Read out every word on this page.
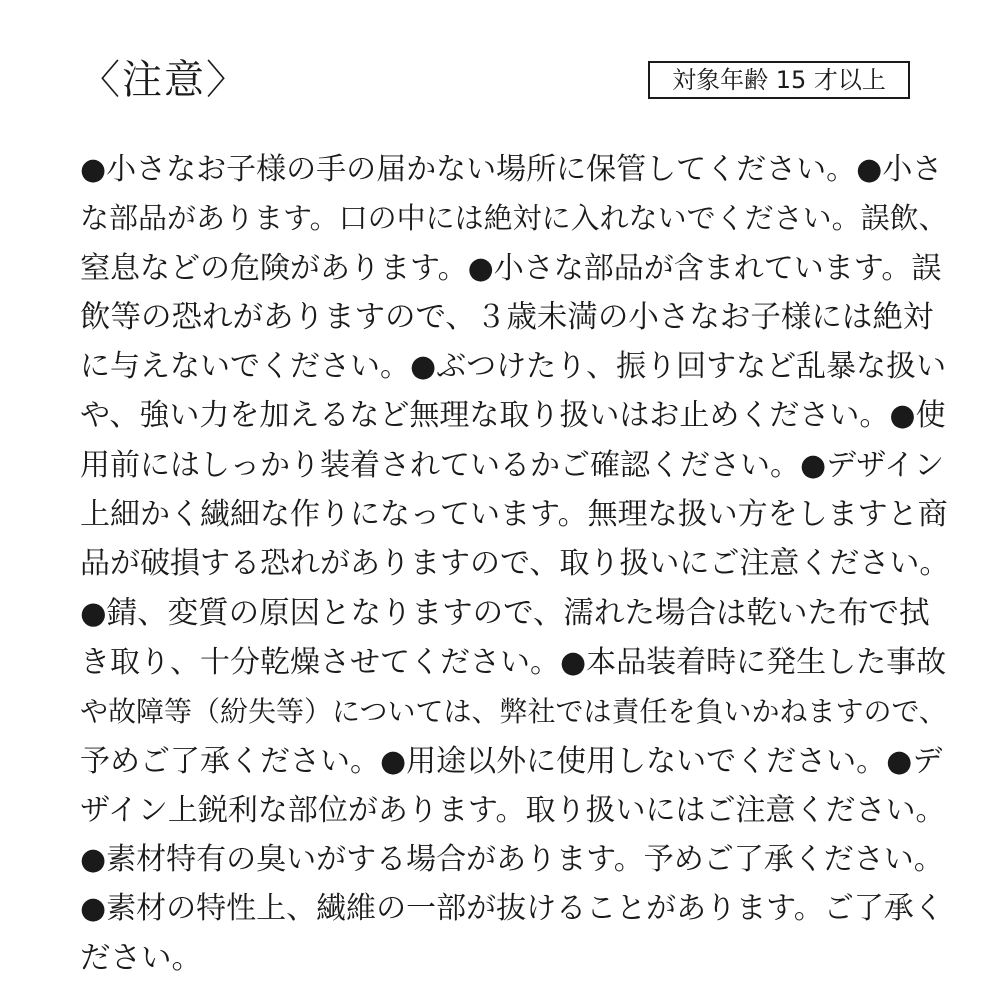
〈注意〉	対象年齢 15 才以上
●小さなお子様の手の届かない場所に保管してください。●小さ
な部品があります。口の中には絶対に入れないでください。誤飲、
窒息などの危険があります。●小さな部品が含まれています。誤
飲等の恐れがありますので、３歳未満の小さなお子様には絶対
に与えないでください。●ぶつけたり、振り回すなど乱暴な扱い
や、強い力を加えるなど無理な取り扱いはお止めください。●使
用前にはしっかり装着されているかご確認ください。●デザイン
上細かく繊細な作りになっています。無理な扱い方をしますと商
品が破損する恐れがありますので、取り扱いにご注意ください。
●錆、変質の原因となりますので、濡れた場合は乾いた布で拭
き取り、十分乾燥させてください。●本品装着時に発生した事故
や故障等（紛失等）については、弊社では責任を負いかねますので、
予めご了承ください。●用途以外に使用しないでください。●デ
ザイン上鋭利な部位があります。取り扱いにはご注意ください。
●素材特有の臭いがする場合があります。予めご了承ください。
●素材の特性上、繊維の一部が抜けることがあります。ご了承く
ださい。
